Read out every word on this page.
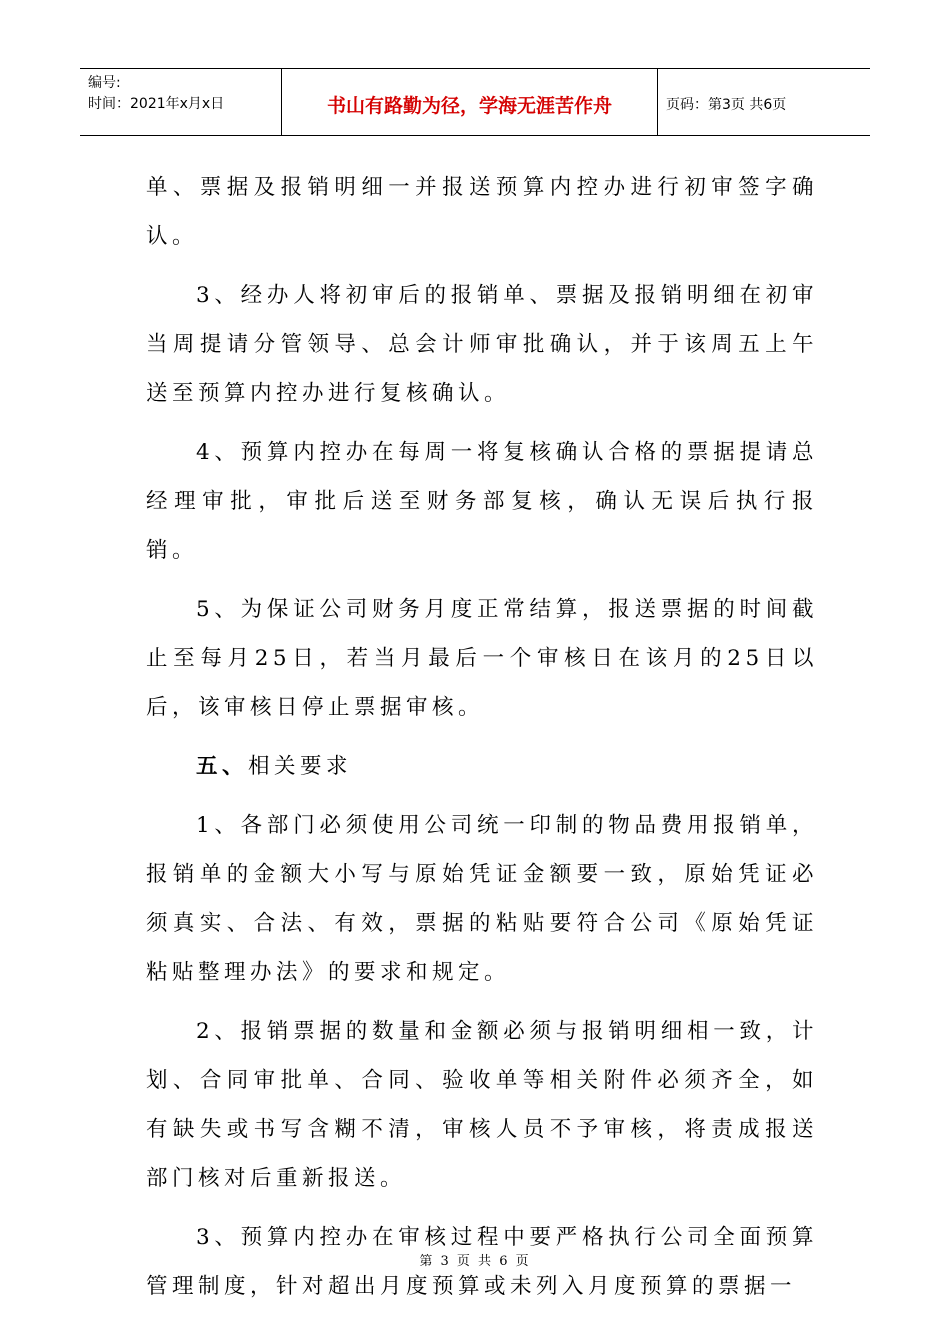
编号:
时间：2021年x月x日	书山有路勤为径，学海无涯苦作舟	页码：第3页 共6页

单、票据及报销明细一并报送预算内控办进行初审签字确认。

3、经办人将初审后的报销单、票据及报销明细在初审当周提请分管领导、总会计师审批确认，并于该周五上午送至预算内控办进行复核确认。

4、预算内控办在每周一将复核确认合格的票据提请总经理审批，审批后送至财务部复核，确认无误后执行报销。

5、为保证公司财务月度正常结算，报送票据的时间截止至每月25日，若当月最后一个审核日在该月的25日以后，该审核日停止票据审核。

五、相关要求

1、各部门必须使用公司统一印制的物品费用报销单，报销单的金额大小写与原始凭证金额要一致，原始凭证必须真实、合法、有效，票据的粘贴要符合公司《原始凭证粘贴整理办法》的要求和规定。

2、报销票据的数量和金额必须与报销明细相一致，计划、合同审批单、合同、验收单等相关附件必须齐全，如有缺失或书写含糊不清，审核人员不予审核，将责成报送部门核对后重新报送。

3、预算内控办在审核过程中要严格执行公司全面预算管理制度，针对超出月度预算或未列入月度预算的票据一

第 3 页 共 6 页
